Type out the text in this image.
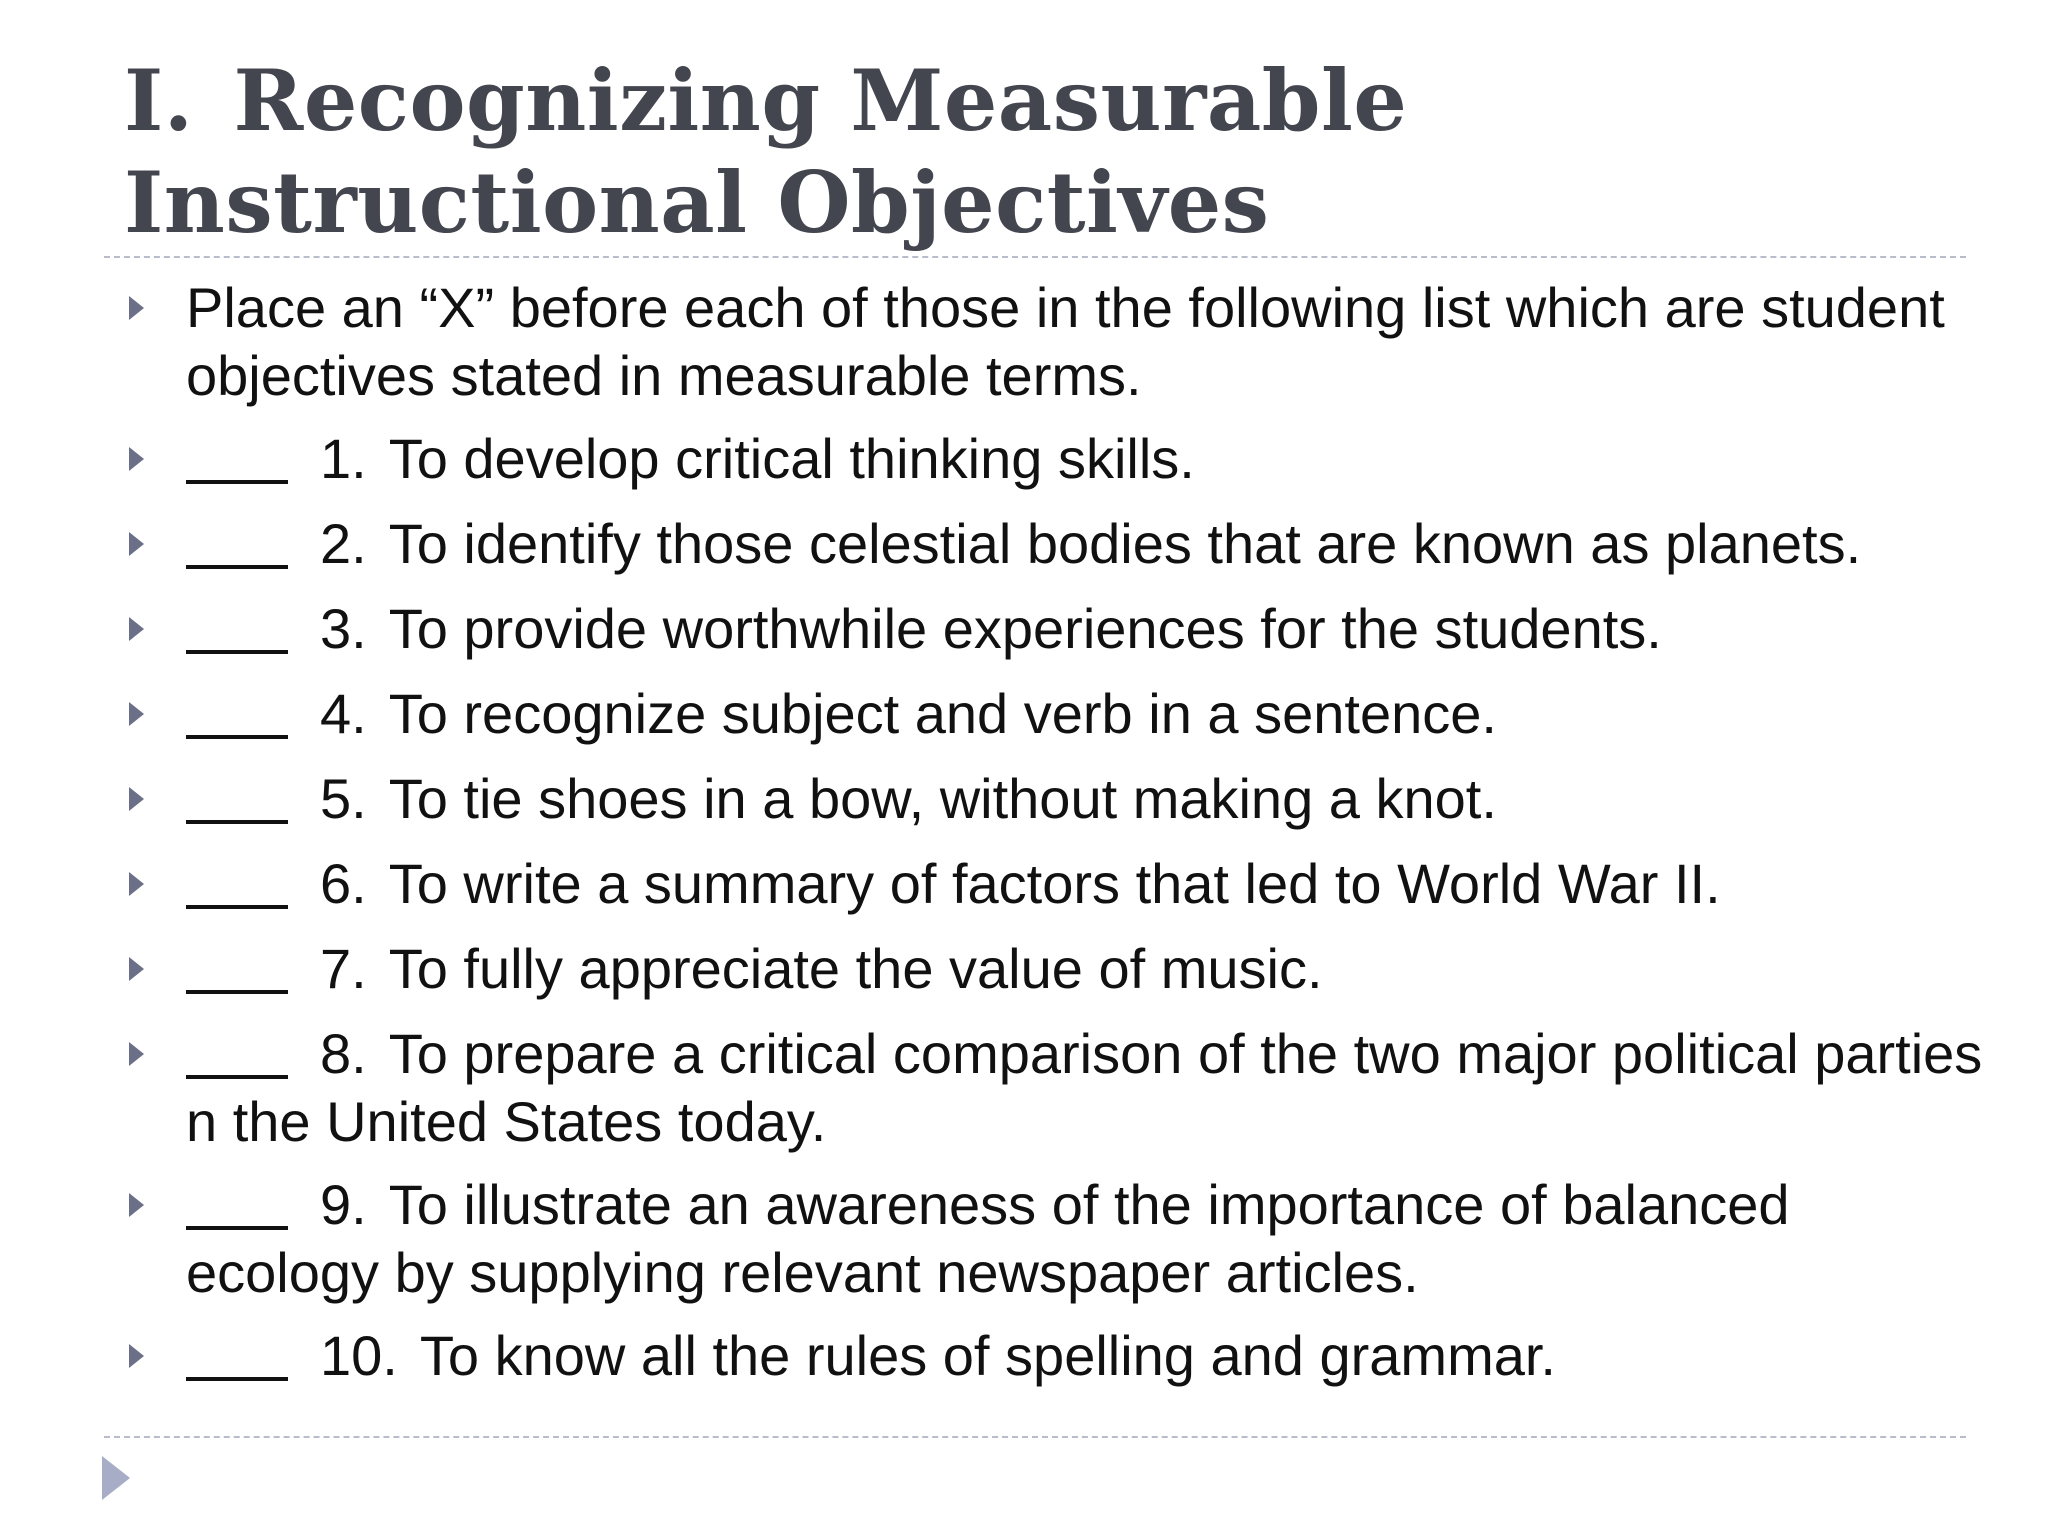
I. Recognizing Measurable Instructional Objectives
Place an “X” before each of those in the following list which are student objectives stated in measurable terms.
1. To develop critical thinking skills.
2. To identify those celestial bodies that are known as planets.
3. To provide worthwhile experiences for the students.
4. To recognize subject and verb in a sentence.
5. To tie shoes in a bow, without making a knot.
6. To write a summary of factors that led to World War II.
7. To fully appreciate the value of music.
8. To prepare a critical comparison of the two major political parties n the United States today.
9. To illustrate an awareness of the importance of balanced ecology by supplying relevant newspaper articles.
10. To know all the rules of spelling and grammar.
